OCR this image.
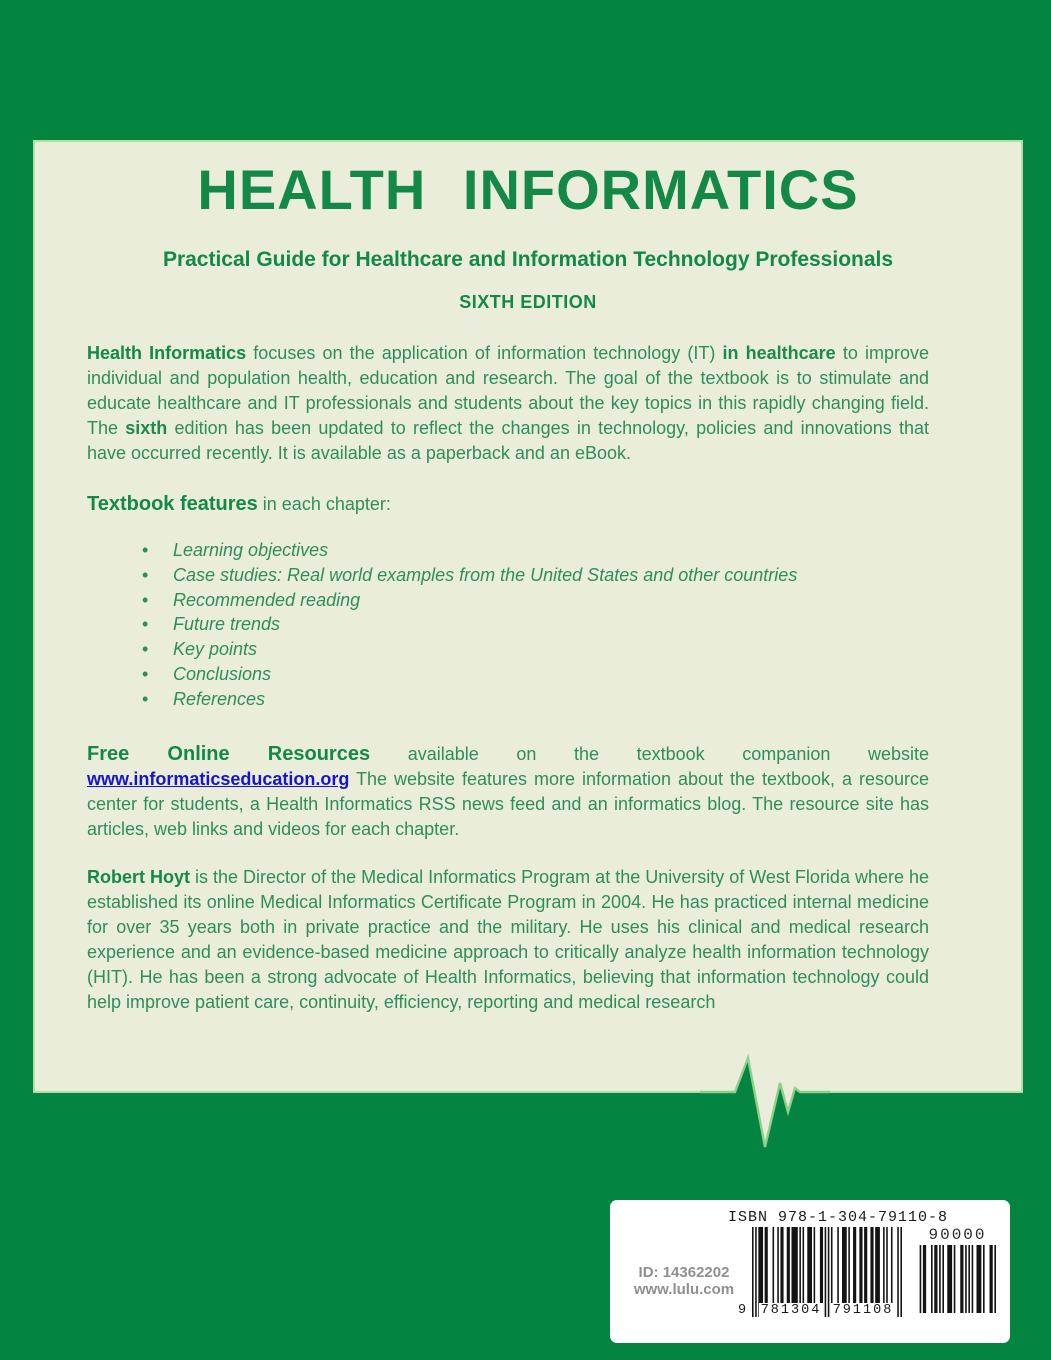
HEALTH INFORMATICS
Practical Guide for Healthcare and Information Technology Professionals
SIXTH EDITION
Health Informatics focuses on the application of information technology (IT) in healthcare to improve individual and population health, education and research. The goal of the textbook is to stimulate and educate healthcare and IT professionals and students about the key topics in this rapidly changing field. The sixth edition has been updated to reflect the changes in technology, policies and innovations that have occurred recently. It is available as a paperback and an eBook.
Textbook features in each chapter:
• Learning objectives
• Case studies: Real world examples from the United States and other countries
• Recommended reading
• Future trends
• Key points
• Conclusions
• References
Free Online Resources available on the textbook companion website www.informaticseducation.org The website features more information about the textbook, a resource center for students, a Health Informatics RSS news feed and an informatics blog. The resource site has articles, web links and videos for each chapter.
Robert Hoyt is the Director of the Medical Informatics Program at the University of West Florida where he established its online Medical Informatics Certificate Program in 2004. He has practiced internal medicine for over 35 years both in private practice and the military. He uses his clinical and medical research experience and an evidence-based medicine approach to critically analyze health information technology (HIT). He has been a strong advocate of Health Informatics, believing that information technology could help improve patient care, continuity, efficiency, reporting and medical research
ISBN 978-1-304-79110-8
9 781304 791108
90000
ID: 14362202
www.lulu.com
